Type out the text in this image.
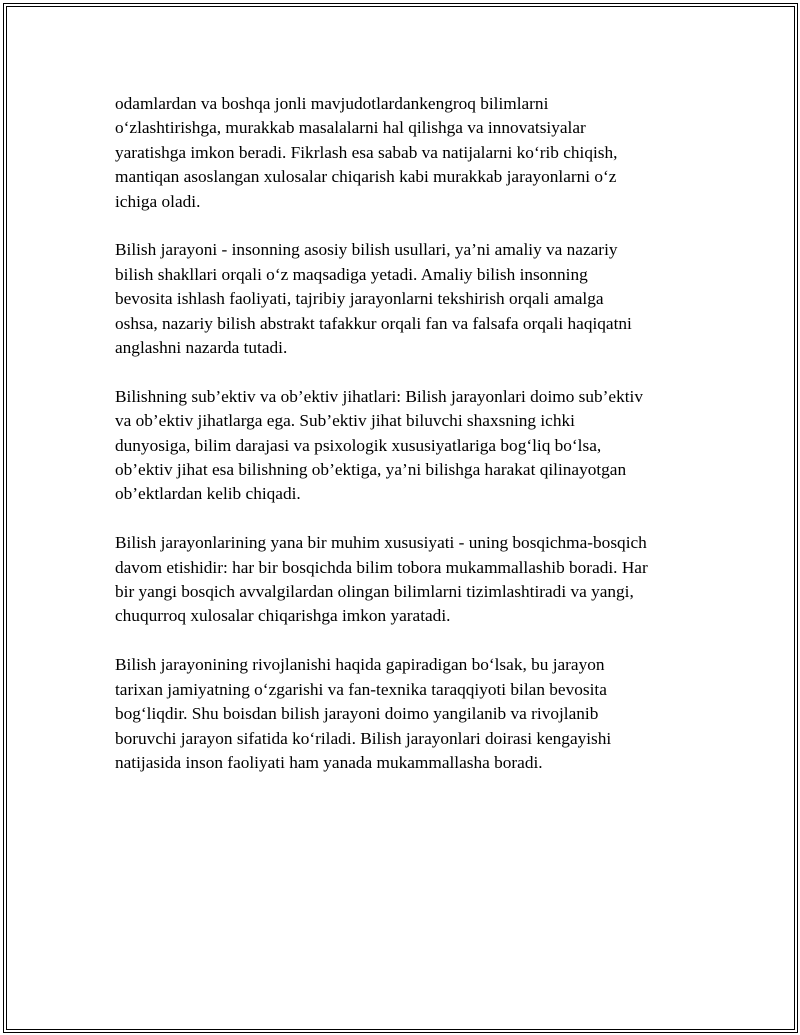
odamlardan va boshqa jonli mavjudotlardankengroq bilimlarni
o‘zlashtirishga, murakkab masalalarni hal qilishga va innovatsiyalar
yaratishga imkon beradi. Fikrlash esa sabab va natijalarni ko‘rib chiqish,
mantiqan asoslangan xulosalar chiqarish kabi murakkab jarayonlarni o‘z
ichiga oladi.

Bilish jarayoni - insonning asosiy bilish usullari, ya’ni amaliy va nazariy
bilish shakllari orqali o‘z maqsadiga yetadi. Amaliy bilish insonning
bevosita ishlash faoliyati, tajribiy jarayonlarni tekshirish orqali amalga
oshsa, nazariy bilish abstrakt tafakkur orqali fan va falsafa orqali haqiqatni
anglashni nazarda tutadi.

Bilishning sub’ektiv va ob’ektiv jihatlari: Bilish jarayonlari doimo sub’ektiv
va ob’ektiv jihatlarga ega. Sub’ektiv jihat biluvchi shaxsning ichki
dunyosiga, bilim darajasi va psixologik xususiyatlariga bog‘liq bo‘lsa,
ob’ektiv jihat esa bilishning ob’ektiga, ya’ni bilishga harakat qilinayotgan
ob’ektlardan kelib chiqadi.

Bilish jarayonlarining yana bir muhim xususiyati - uning bosqichma-bosqich
davom etishidir: har bir bosqichda bilim tobora mukammallashib boradi. Har
bir yangi bosqich avvalgilardan olingan bilimlarni tizimlashtiradi va yangi,
chuqurroq xulosalar chiqarishga imkon yaratadi.

Bilish jarayonining rivojlanishi haqida gapiradigan bo‘lsak, bu jarayon
tarixan jamiyatning o‘zgarishi va fan-texnika taraqqiyoti bilan bevosita
bog‘liqdir. Shu boisdan bilish jarayoni doimo yangilanib va rivojlanib
boruvchi jarayon sifatida ko‘riladi. Bilish jarayonlari doirasi kengayishi
natijasida inson faoliyati ham yanada mukammallasha boradi.
